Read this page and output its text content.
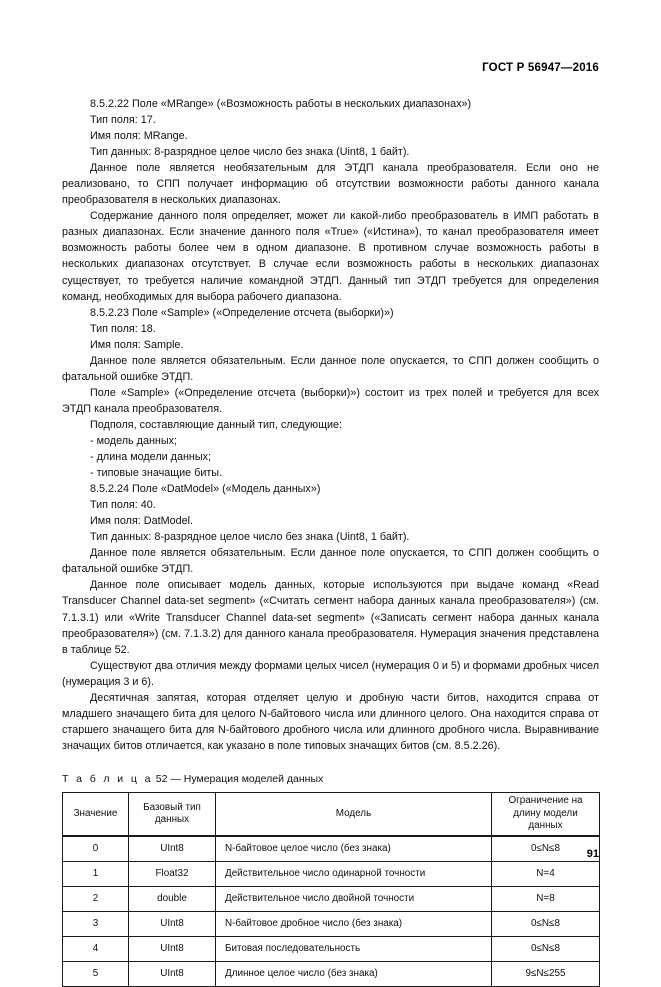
ГОСТ Р 56947—2016

8.5.2.22 Поле «MRange» («Возможность работы в нескольких диапазонах»)

Тип поля: 17.

Имя поля: MRange.

Тип данных: 8-разрядное целое число без знака (Uint8, 1 байт).

Данное поле является необязательным для ЭТДП канала преобразователя. Если оно не реализовано, то СПП получает информацию об отсутствии возможности работы данного канала преобразователя в нескольких диапазонах.

Содержание данного поля определяет, может ли какой-либо преобразователь в ИМП работать в разных диапазонах. Если значение данного поля «True» («Истина»), то канал преобразователя имеет возможность работы более чем в одном диапазоне. В противном случае возможность работы в нескольких диапазонах отсутствует. В случае если возможность работы в нескольких диапазонах существует, то требуется наличие командной ЭТДП. Данный тип ЭТДП требуется для определения команд, необходимых для выбора рабочего диапазона.

8.5.2.23 Поле «Sample» («Определение отсчета (выборки)»)

Тип поля: 18.

Имя поля: Sample.

Данное поле является обязательным. Если данное поле опускается, то СПП должен сообщить о фатальной ошибке ЭТДП.

Поле «Sample» («Определение отсчета (выборки)») состоит из трех полей и требуется для всех ЭТДП канала преобразователя.

Подполя, составляющие данный тип, следующие:

- модель данных;

- длина модели данных;

- типовые значащие биты.

8.5.2.24 Поле «DatModel» («Модель данных»)

Тип поля: 40.

Имя поля: DatModel.

Тип данных: 8-разрядное целое число без знака (Uint8, 1 байт).

Данное поле является обязательным. Если данное поле опускается, то СПП должен сообщить о фатальной ошибке ЭТДП.

Данное поле описывает модель данных, которые используются при выдаче команд «Read Transducer Channel data-set segment» («Считать сегмент набора данных канала преобразователя») (см. 7.1.3.1) или «Write Transducer Channel data-set segment» («Записать сегмент набора данных канала преобразователя») (см. 7.1.3.2) для данного канала преобразователя. Нумерация значения представлена в таблице 52.

Существуют два отличия между формами целых чисел (нумерация 0 и 5) и формами дробных чисел (нумерация 3 и 6).

Десятичная запятая, которая отделяет целую и дробную части битов, находится справа от младшего значащего бита для целого N-байтового числа или длинного целого. Она находится справа от старшего значащего бита для N-байтового дробного числа или длинного дробного числа. Выравнивание значащих битов отличается, как указано в поле типовых значащих битов (см. 8.5.2.26).

Т а б л и ц а 52 — Нумерация моделей данных
Значение	Базовый тип данных	Модель	Ограничение на длину модели данных
0	UInt8	N-байтовое целое число (без знака)	0≤N≤8
1	Float32	Действительное число одинарной точности	N=4
2	double	Действительное число двойной точности	N=8
3	UInt8	N-байтовое дробное число (без знака)	0≤N≤8
4	UInt8	Битовая последовательность	0≤N≤8
5	UInt8	Длинное целое число (без знака)	9≤N≤255
91
